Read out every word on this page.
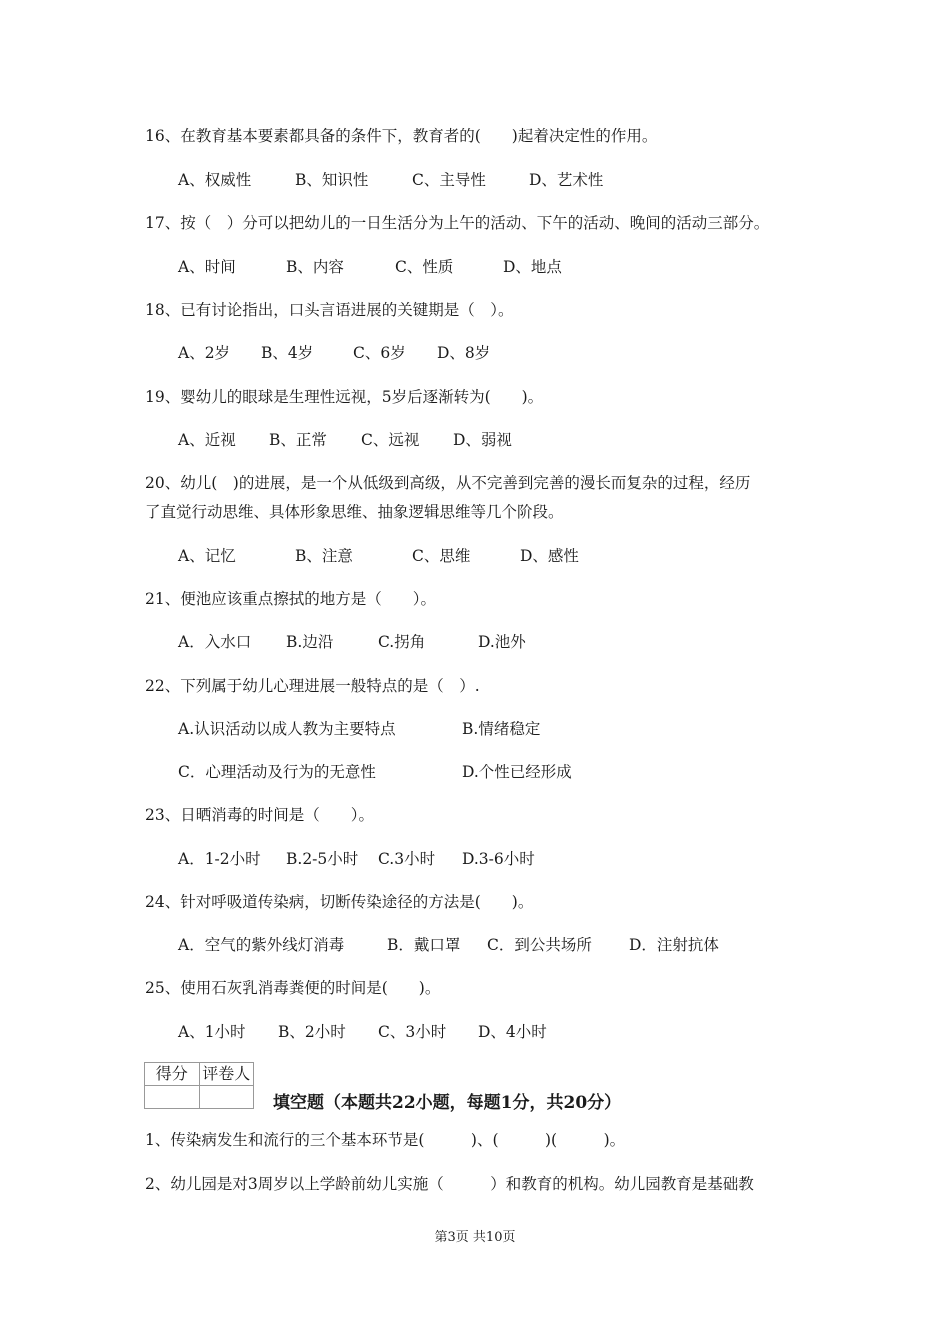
16、在教育基本要素都具备的条件下，教育者的(　　)起着决定性的作用。
A、权威性	B、知识性	C、主导性	D、艺术性
17、按（　）分可以把幼儿的一日生活分为上午的活动、下午的活动、晚间的活动三部分。
A、时间	B、内容	C、性质	D、地点
18、已有讨论指出，口头言语进展的关键期是（　）。
A、2岁 B、4岁	C、6岁 D、8岁
19、婴幼儿的眼球是生理性远视，5岁后逐渐转为(　　)。
A、近视 B、正常 C、远视 D、弱视
20、幼儿(　)的进展，是一个从低级到高级，从不完善到完善的漫长而复杂的过程，经历
了直觉行动思维、具体形象思维、抽象逻辑思维等几个阶段。
A、记忆	B、注意	C、思维	D、感性
21、便池应该重点擦拭的地方是（　　）。
A．入水口 B.边沿	C.拐角	D.池外
22、下列属于幼儿心理进展一般特点的是（　）.
A.认识活动以成人教为主要特点	B.情绪稳定
C．心理活动及行为的无意性	D.个性已经形成
23、日晒消毒的时间是（　　）。
A．1-2小时 B.2-5小时 C.3小时 D.3-6小时
24、针对呼吸道传染病，切断传染途径的方法是(　　)。
A．空气的紫外线灯消毒	B．戴口罩 C．到公共场所 D．注射抗体
25、使用石灰乳消毒粪便的时间是(　　)。
A、1小时 B、2小时 C、3小时 D、4小时
得分	评卷人

填空题（本题共22小题，每题1分，共20分）
1、传染病发生和流行的三个基本环节是(　　　)、(　　　)(　　　)。
2、幼儿园是对3周岁以上学龄前幼儿实施（　　　）和教育的机构。幼儿园教育是基础教
第3页 共10页
